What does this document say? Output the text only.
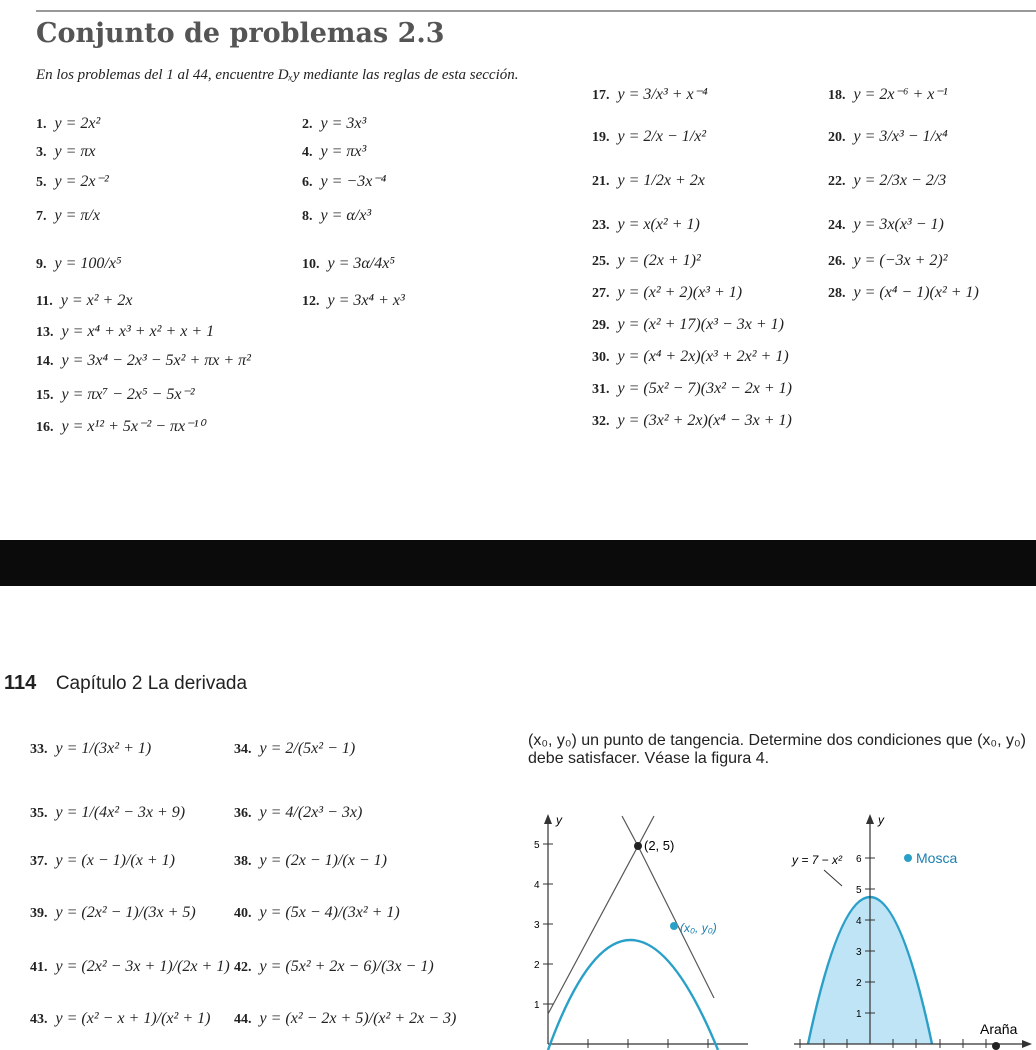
Conjunto de problemas 2.3
En los problemas del 1 al 44, encuentre Dₓy mediante las reglas de esta sección.
1. y = 2x²	2. y = 3x³
3. y = πx	4. y = πx³
5. y = 2x⁻²	6. y = −3x⁻⁴
7. y = π/x	8. y = α/x³
9. y = 100/x⁵	10. y = 3α/4x⁵
11. y = x² + 2x	12. y = 3x⁴ + x³
13. y = x⁴ + x³ + x² + x + 1
14. y = 3x⁴ − 2x³ − 5x² + πx + π²
15. y = πx⁷ − 2x⁵ − 5x⁻²
16. y = x¹² + 5x⁻² − πx⁻¹⁰
17. y = 3/x³ + x⁻⁴	18. y = 2x⁻⁶ + x⁻¹
19. y = 2/x − 1/x²	20. y = 3/x³ − 1/x⁴
21. y = 1/2x + 2x	22. y = 2/3x − 2/3
23. y = x(x² + 1)	24. y = 3x(x³ − 1)
25. y = (2x + 1)²	26. y = (−3x + 2)²
27. y = (x² + 2)(x³ + 1)	28. y = (x⁴ − 1)(x² + 1)
29. y = (x² + 17)(x³ − 3x + 1)
30. y = (x⁴ + 2x)(x³ + 2x² + 1)
31. y = (5x² − 7)(3x² − 2x + 1)
32. y = (3x² + 2x)(x⁴ − 3x + 1)
33. y = 1/(3x² + 1)	34. y = 2/(5x² − 1)
35. y = 1/(4x² − 3x + 9)	36. y = 4/(2x³ − 3x)
37. y = (x − 1)/(x + 1)	38. y = (2x − 1)/(x − 1)
39. y = (2x² − 1)/(3x + 5)	40. y = (5x − 4)/(3x² + 1)
41. y = (2x² − 3x + 1)/(2x + 1) 42. y = (5x² + 2x − 6)/(3x − 1)
43. y = (x² − x + 1)/(x² + 1) 44. y = (x² − 2x + 5)/(x² + 2x − 3)
114 Capítulo 2 La derivada
(x₀, y₀) un punto de tangencia. Determine dos condiciones que (x₀, y₀) debe satisfacer. Véase la figura 4.
y
1
2
3
4
5	(2, 5)
(x₀, y₀)
y
1
2
3
4
5
6
y = 7 − x²	Mosca
Araña
